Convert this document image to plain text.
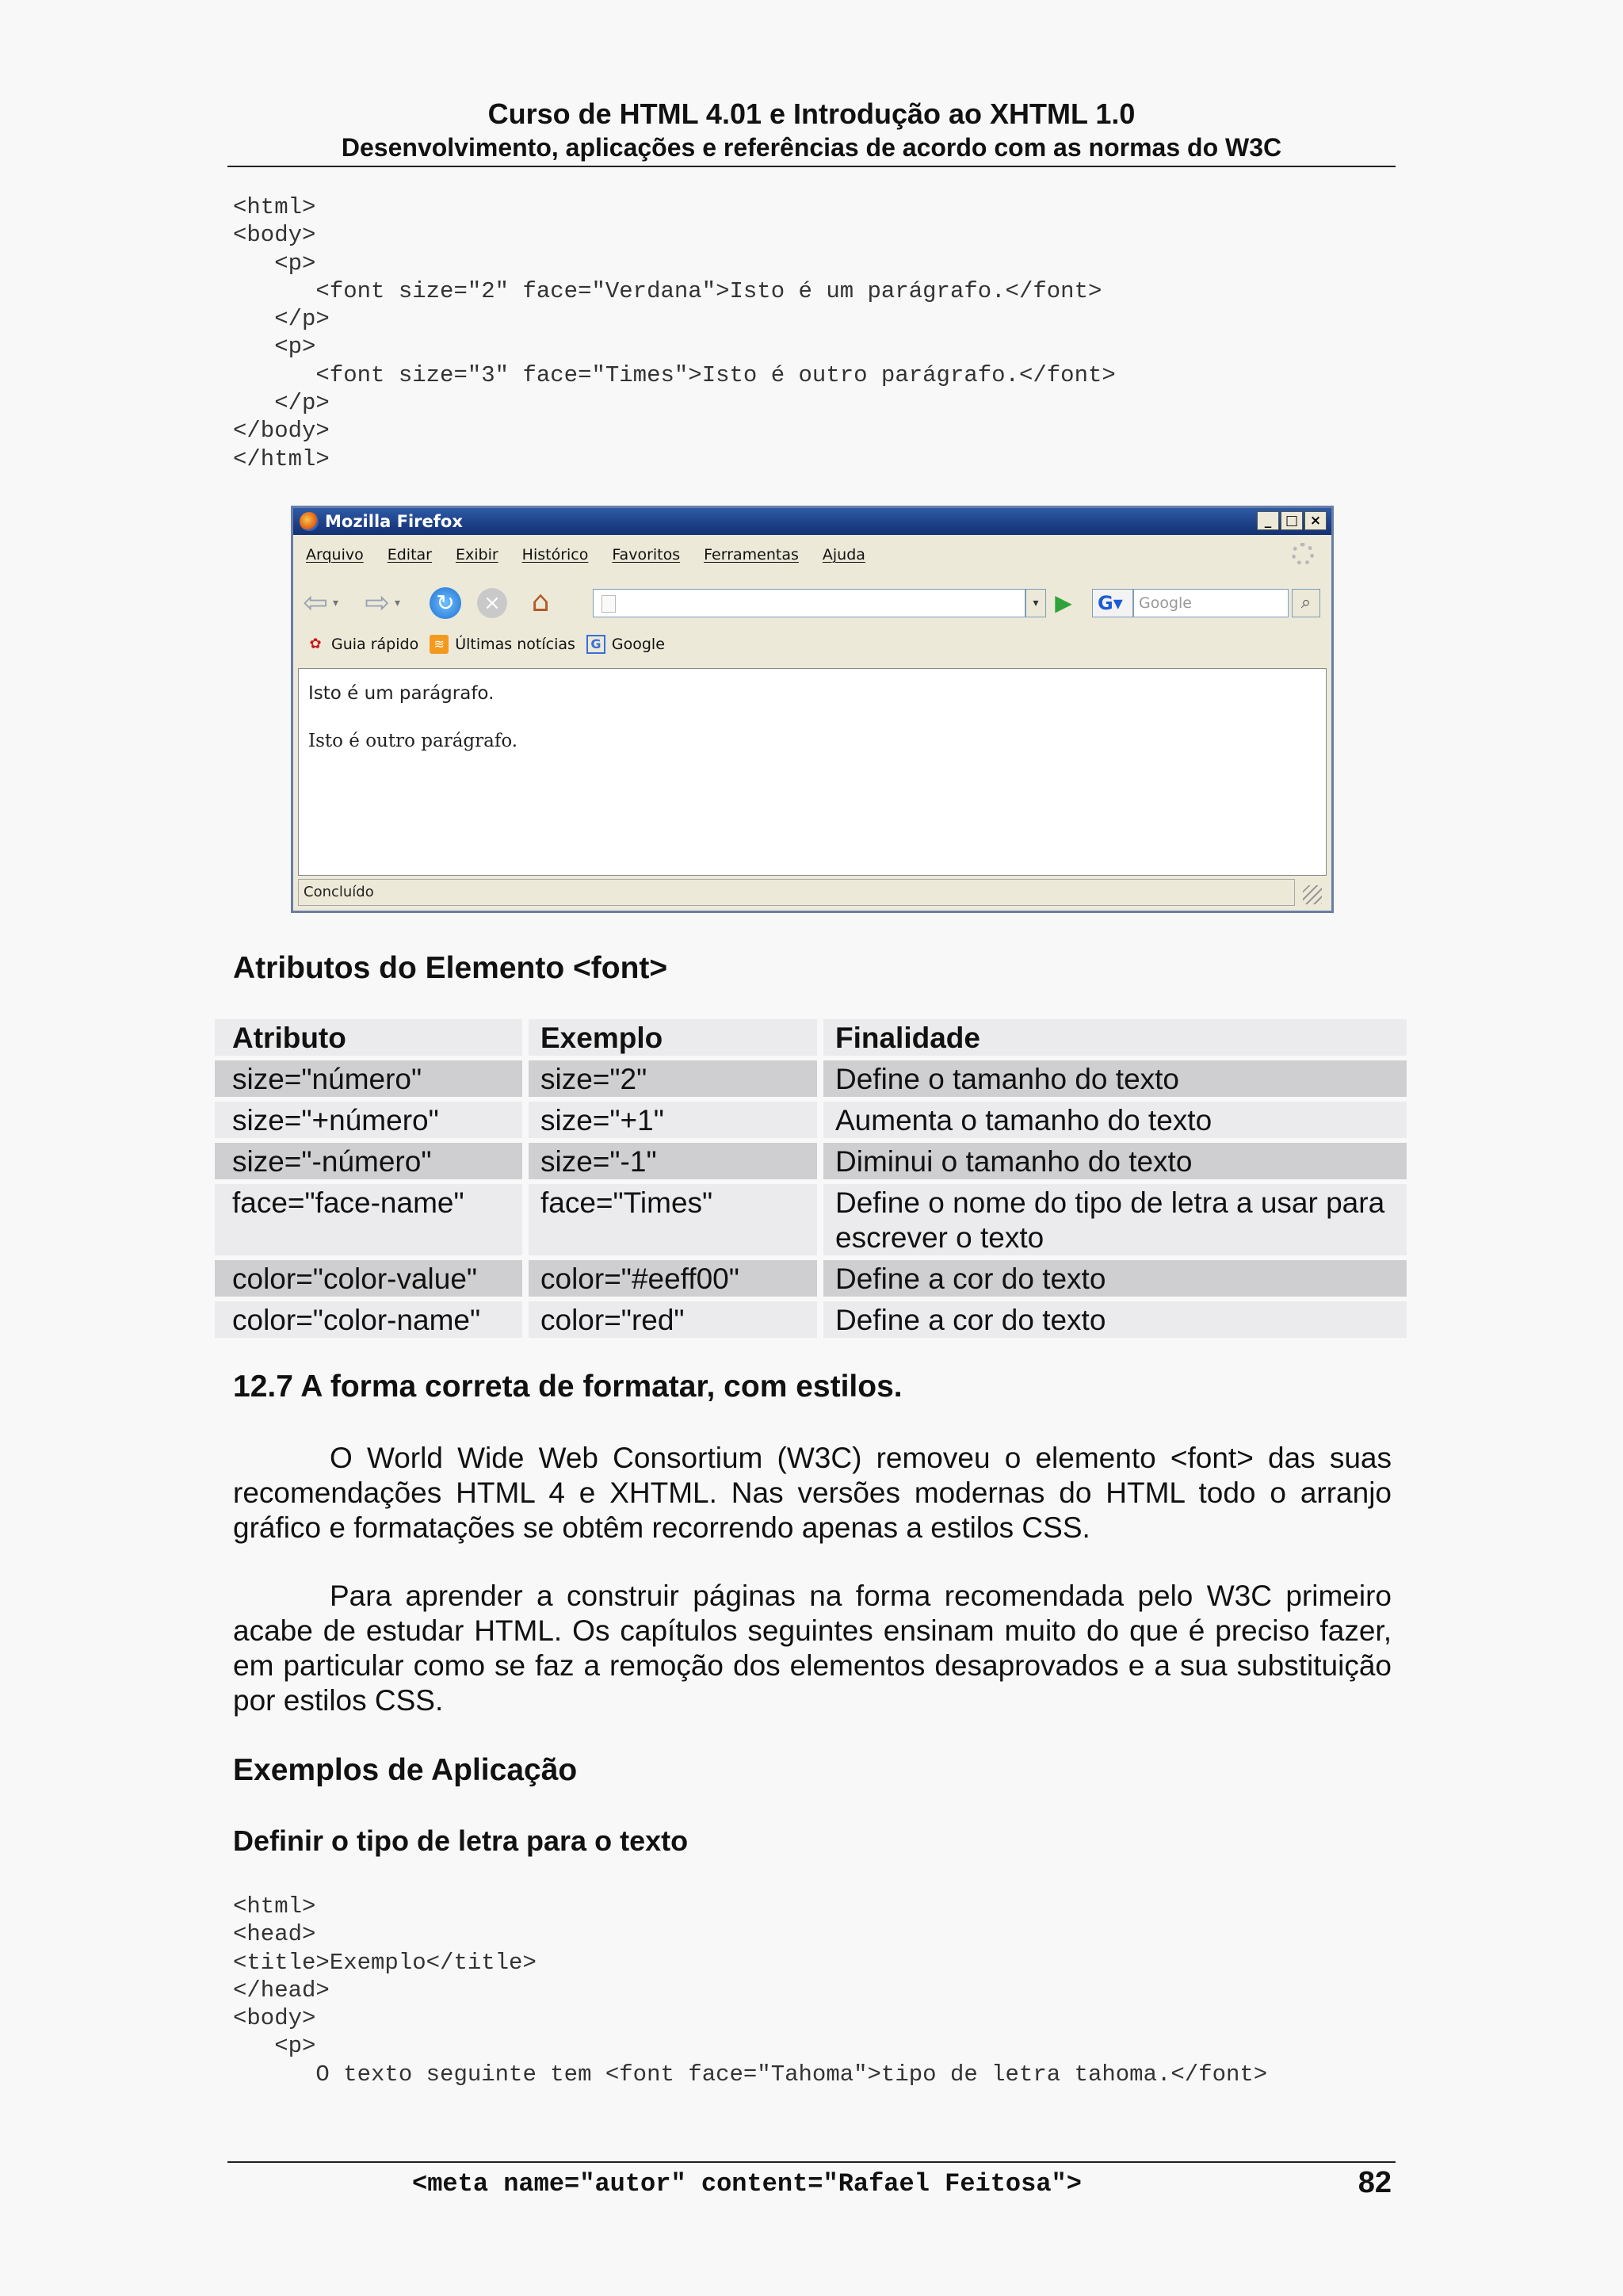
Curso de HTML 4.01 e Introdução ao XHTML 1.0
Desenvolvimento, aplicações e referências de acordo com as normas do W3C
<html>
<body>
<p>
<font size="2" face="Verdana">Isto é um parágrafo.</font>
</p>
<p>
<font size="3" face="Times">Isto é outro parágrafo.</font>
</p>
</body>
</html>
Mozilla Firefox	_	□ ×
Arquivo Editar Exibir Histórico Favoritos Ferramentas Ajuda
⇦ ▾ ⇨ ▾ ↻	× ⌂	▾ ▶	G▾	Google	⌕
✿ Guia rápido	≋ Últimas notícias	G Google
Isto é um parágrafo.
Isto é outro parágrafo.
Concluído
Atributos do Elemento <font>
Atributo	Exemplo	Finalidade
size="número"	size="2"	Define o tamanho do texto
size="+número"	size="+1"	Aumenta o tamanho do texto
size="-número"	size="-1"	Diminui o tamanho do texto
face="face-name"	face="Times"	Define o nome do tipo de letra a usar para escrever o texto
color="color-value"	color="#eeff00"	Define a cor do texto
color="color-name"	color="red"	Define a cor do texto
12.7 A forma correta de formatar, com estilos.
O World Wide Web Consortium (W3C) removeu o elemento <font> das suas recomendações HTML 4 e XHTML. Nas versões modernas do HTML todo o arranjo gráfico e formatações se obtêm recorrendo apenas a estilos CSS.
Para aprender a construir páginas na forma recomendada pelo W3C primeiro acabe de estudar HTML. Os capítulos seguintes ensinam muito do que é preciso fazer, em particular como se faz a remoção dos elementos desaprovados e a sua substituição por estilos CSS.
Exemplos de Aplicação
Definir o tipo de letra para o texto
<html>
<head>
<title>Exemplo</title>
</head>
<body>
<p>
O texto seguinte tem <font face="Tahoma">tipo de letra tahoma.</font>
<meta name="autor" content="Rafael Feitosa">	82
